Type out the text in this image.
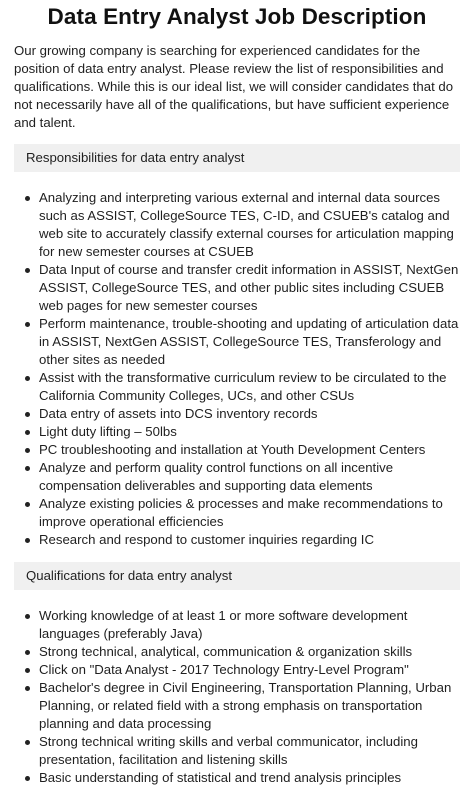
Data Entry Analyst Job Description

Our growing company is searching for experienced candidates for the position of data entry analyst. Please review the list of responsibilities and qualifications. While this is our ideal list, we will consider candidates that do not necessarily have all of the qualifications, but have sufficient experience and talent.

Responsibilities for data entry analyst
Analyzing and interpreting various external and internal data sources such as ASSIST, CollegeSource TES, C-ID, and CSUEB's catalog and web site to accurately classify external courses for articulation mapping for new semester courses at CSUEB
Data Input of course and transfer credit information in ASSIST, NextGen ASSIST, CollegeSource TES, and other public sites including CSUEB web pages for new semester courses
Perform maintenance, trouble-shooting and updating of articulation data in ASSIST, NextGen ASSIST, CollegeSource TES, Transferology and other sites as needed
Assist with the transformative curriculum review to be circulated to the California Community Colleges, UCs, and other CSUs
Data entry of assets into DCS inventory records
Light duty lifting – 50lbs
PC troubleshooting and installation at Youth Development Centers
Analyze and perform quality control functions on all incentive compensation deliverables and supporting data elements
Analyze existing policies & processes and make recommendations to improve operational efficiencies
Research and respond to customer inquiries regarding IC
Qualifications for data entry analyst
Working knowledge of at least 1 or more software development languages (preferably Java)
Strong technical, analytical, communication & organization skills
Click on "Data Analyst - 2017 Technology Entry-Level Program"
Bachelor's degree in Civil Engineering, Transportation Planning, Urban Planning, or related field with a strong emphasis on transportation planning and data processing
Strong technical writing skills and verbal communicator, including presentation, facilitation and listening skills
Basic understanding of statistical and trend analysis principles
